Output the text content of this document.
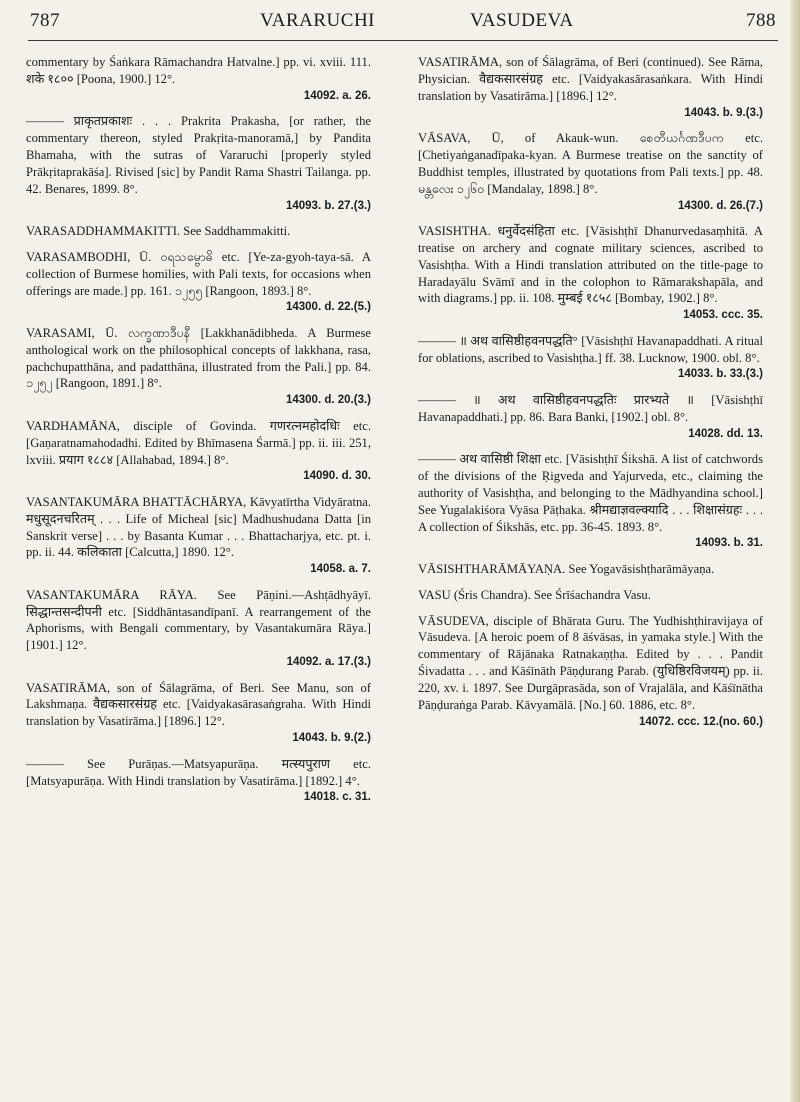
787	VARARUCHI	VASUDEVA	788

commentary by Śaṅkara Rāmachandra Hatvalne.] pp. vi. xviii. 111. शके १८०० [Poona, 1900.] 12°.

14092. a. 26.

——— प्राकृतप्रकाशः . . . Prakrita Prakasha, [or rather, the commentary thereon, styled Prakṛita-manoramā,] by Pandita Bhamaha, with the sutras of Vararuchi [properly styled Prākṛitaprakāśa]. Rivised [sic] by Pandit Rama Shastri Tailanga. pp. 42. Benares, 1899. 8°.

14093. b. 27.(3.)

VARASADDHAMMAKITTI. See Saddhammakitti.

VARASAMBODHI, Ū. ဝရသမ္ဗောဓိ etc. [Ye-za-gyoh-taya-sā. A collection of Burmese homilies, with Pali texts, for occasions when offerings are made.] pp. 161. ၁၂၅၅ [Rangoon, 1893.] 8°.

14300. d. 22.(5.)

VARASAMI, Ū. လက္ခဏာဒီပနီ [Lakkhanādibheda. A Burmese anthological work on the philosophical concepts of lakkhana, rasa, pachchupatthāna, and padatthāna, illustrated from the Pali.] pp. 84. ၁၂၅၂ [Rangoon, 1891.] 8°.

14300. d. 20.(3.)

VARDHAMĀNA, disciple of Govinda. गणरत्नमहोदधिः etc. [Gaṇaratnamahodadhi. Edited by Bhīmasena Śarmā.] pp. ii. iii. 251, lxviii. प्रयाग १८८४ [Allahabad, 1894.] 8°.

14090. d. 30.

VASANTAKUMĀRA BHATTĀCHĀRYA, Kāvyatīrtha Vidyāratna. मधुसूदनचरितम् . . . Life of Micheal [sic] Madhushudana Datta [in Sanskrit verse] . . . by Basanta Kumar . . . Bhattacharjya, etc. pt. i. pp. ii. 44. कलिकाता [Calcutta,] 1890. 12°.

14058. a. 7.

VASANTAKUMĀRA RĀYA. See Pāṇini.—Ashṭādhyāyī. सिद्धान्तसन्दीपनी etc. [Siddhāntasandīpanī. A rearrangement of the Aphorisms, with Bengali commentary, by Vasantakumāra Rāya.] [1901.] 12°.

14092. a. 17.(3.)

VASATIRĀMA, son of Śālagrāma, of Beri. See Manu, son of Lakshmaṇa. वैद्यकसारसंग्रह etc. [Vaidyakasārasaṅgraha. With Hindi translation by Vasatirāma.] [1896.] 12°.

14043. b. 9.(2.)

——— See Purāṇas.—Matsyapurāṇa. मत्स्यपुराण etc. [Matsyapurāṇa. With Hindi translation by Vasatirāma.] [1892.] 4°.

14018. c. 31.

VASATIRĀMA, son of Śālagrāma, of Beri (continued). See Rāma, Physician. वैद्यकसारसंग्रह etc. [Vaidyakasārasaṅkara. With Hindi translation by Vasatirāma.] [1896.] 12°.

14043. b. 9.(3.)

VĀSAVA, Ū, of Akauk-wun. စေတီယင်္ဂဏဒီပက etc. [Chetiyaṅganadīpaka-kyan. A Burmese treatise on the sanctity of Buddhist temples, illustrated by quotations from Pali texts.] pp. 48. မန္တလေး ၁၂၆၀ [Mandalay, 1898.] 8°.

14300. d. 26.(7.)

VASISHTHA. धनुर्वेदसंहिता etc. [Vāsishṭhī Dhanurvedasaṃhitā. A treatise on archery and cognate military sciences, ascribed to Vasishṭha. With a Hindi translation attributed on the title-page to Haradayālu Svāmī and in the colophon to Rāmarakshapāla, and with diagrams.] pp. ii. 108. मुम्बई १८५८ [Bombay, 1902.] 8°.

14053. ccc. 35.

——— ॥ अथ वासिष्ठीहवनपद्धति° [Vāsishṭhī Havanapaddhati. A ritual for oblations, ascribed to Vasishṭha.] ff. 38. Lucknow, 1900. obl. 8°.

14033. b. 33.(3.)

——— ॥ अथ वासिष्ठीहवनपद्धतिः प्रारभ्यते ॥ [Vāsishṭhī Havanapaddhati.] pp. 86. Bara Banki, [1902.] obl. 8°.

14028. dd. 13.

——— अथ वासिष्ठी शिक्षा etc. [Vāsishṭhī Śikshā. A list of catchwords of the divisions of the Ṛigveda and Yajurveda, etc., claiming the authority of Vasishṭha, and belonging to the Mādhyandina school.] See Yugalakiśora Vyāsa Pāṭhaka. श्रीमद्याज्ञवल्क्यादि . . . शिक्षासंग्रहः . . . A collection of Śikshās, etc. pp. 36-45. 1893. 8°.

14093. b. 31.

VĀSISHTHARĀMĀYAṆA. See Yogavāsishṭharāmāyaṇa.

VASU (Śris Chandra). See Śrīśachandra Vasu.

VĀSUDEVA, disciple of Bhārata Guru. The Yudhishṭhiravijaya of Vāsudeva. [A heroic poem of 8 āśvāsas, in yamaka style.] With the commentary of Rājānaka Ratnakaṇṭha. Edited by . . . Pandit Śivadatta . . . and Kāśīnāth Pāṇḍurang Parab. (युधिष्ठिरविजयम्) pp. ii. 220, xv. i. 1897. See Durgāprasāda, son of Vrajalāla, and Kāśīnātha Pāṇḍuraṅga Parab. Kāvyamālā. [No.] 60. 1886, etc. 8°.

14072. ccc. 12.(no. 60.)
